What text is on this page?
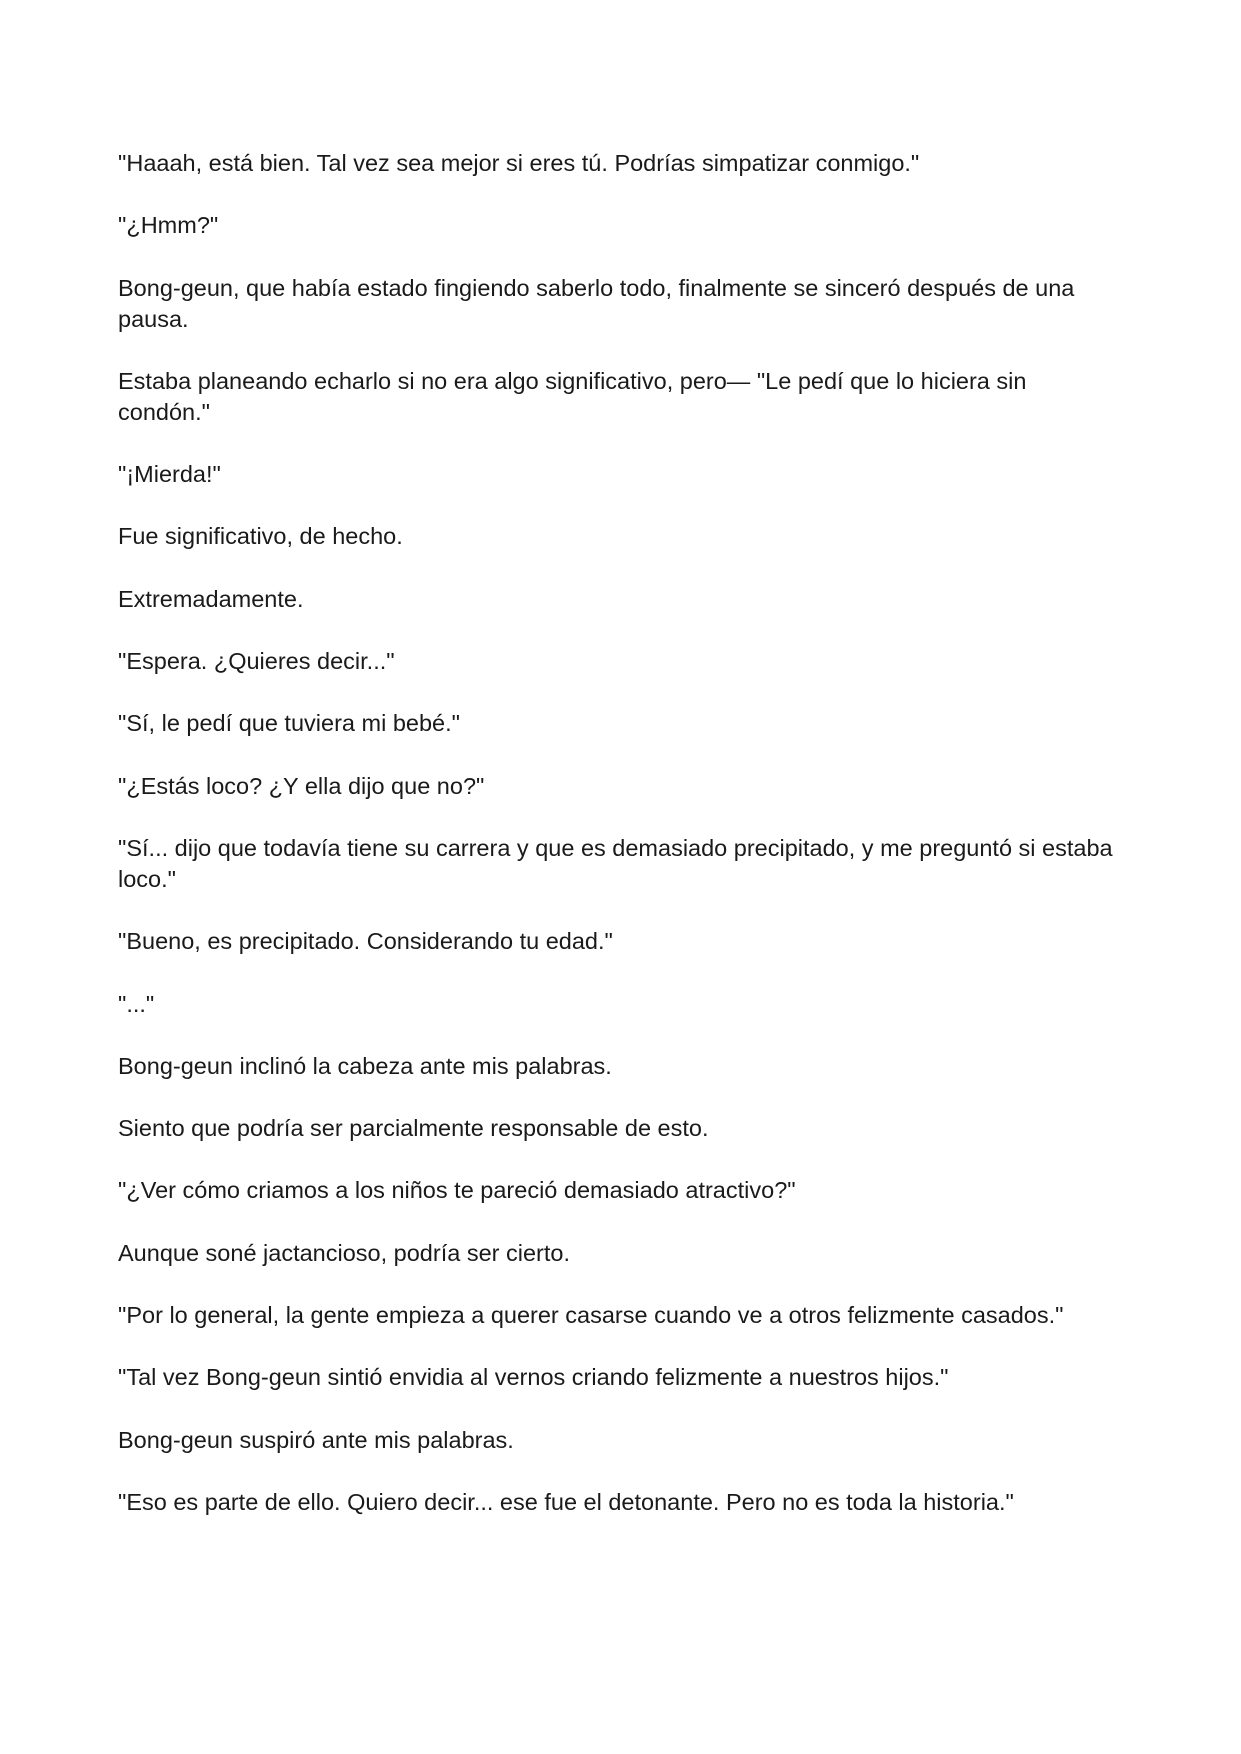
"Haaah, está bien. Tal vez sea mejor si eres tú. Podrías simpatizar conmigo."

"¿Hmm?"

Bong-geun, que había estado fingiendo saberlo todo, finalmente se sinceró después de una pausa.

Estaba planeando echarlo si no era algo significativo, pero— "Le pedí que lo hiciera sin condón."

"¡Mierda!"

Fue significativo, de hecho.

Extremadamente.

"Espera. ¿Quieres decir..."

"Sí, le pedí que tuviera mi bebé."

"¿Estás loco? ¿Y ella dijo que no?"

"Sí... dijo que todavía tiene su carrera y que es demasiado precipitado, y me preguntó si estaba loco."

"Bueno, es precipitado. Considerando tu edad."

"..."

Bong-geun inclinó la cabeza ante mis palabras.

Siento que podría ser parcialmente responsable de esto.

"¿Ver cómo criamos a los niños te pareció demasiado atractivo?"

Aunque soné jactancioso, podría ser cierto.

"Por lo general, la gente empieza a querer casarse cuando ve a otros felizmente casados."

"Tal vez Bong-geun sintió envidia al vernos criando felizmente a nuestros hijos."

Bong-geun suspiró ante mis palabras.

"Eso es parte de ello. Quiero decir... ese fue el detonante. Pero no es toda la historia."
